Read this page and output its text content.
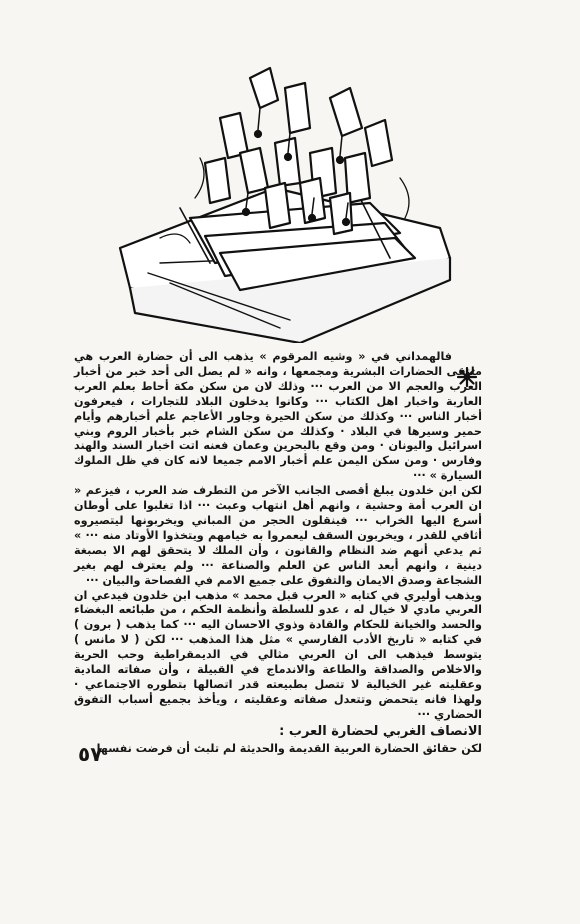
فالهمداني في « وشيه المرقوم » يذهب الى أن حضارة العرب هي ملتقى الحضارات البشرية ومجمعها ، وانه « لم يصل الى أحد خبر من أخبار العرب والعجم الا من العرب ··· وذلك لان من سكن مكة أحاط بعلم العرب العاربة واخبار اهل الكتاب ··· وكانوا يدخلون البلاد للتجارات ، فيعرفون أخبار الناس ··· وكذلك من سكن الحيرة وجاور الأعاجم علم أخبارهم وأيام حمير وسيرها في البلاد · وكذلك من سكن الشام خبر بأخبار الروم وبني اسرائيل واليونان · ومن وقع بالبحرين وعمان فعنه اتت اخبار السند والهند وفارس · ومن سكن اليمن علم أخبار الامم جميعا لانه كان في ظل الملوك السيارة » ···

لكن ابن خلدون يبلغ أقصى الجانب الآخر من التطرف ضد العرب ، فيزعم « ان العرب أمة وحشية ، وانهم أهل انتهاب وعبث ··· اذا تغلبوا على أوطان أسرع اليها الخراب ··· فينقلون الحجر من المباني ويخربونها ليتصيروه أثافي للقدر ، ويخربون السقف ليعمروا به خيامهم ويتخذوا الأوتاد منه ··· » ثم يدعي أنهم ضد النظام والقانون ، وأن الملك لا يتحقق لهم الا بصبغة دينية ، وانهم أبعد الناس عن العلم والصناعة ··· ولم يعترف لهم بغير الشجاعة وصدق الايمان والتفوق على جميع الامم في الفصاحة والبيان ···

ويذهب أوليري في كتابه « العرب قبل محمد » مذهب ابن خلدون فيدعي ان العربي مادي لا خيال له ، عدو للسلطة وأنظمة الحكم ، من طبائعه البغضاء والحسد والخيانة للحكام والقادة وذوي الاحسان اليه ··· كما يذهب ( برون ) في كتابه « تاريخ الأدب الفارسي » مثل هذا المذهب ··· لكن ( لا مانس ) يتوسط فيذهب الى ان العربي مثالي في الديمقراطية وحب الحرية والاخلاص والصداقة والطاعة والاندماج في القبيلة ، وأن صفاته المادية وعقليته غير الخيالية لا تتصل بطبيعته قدر اتصالها بتطوره الاجتماعي · ولهذا فانه يتحمض وتتعدل صفاته وعقليته ، ويأخذ بجميع أسباب التفوق الحضاري ···

الانصاف الغربي لحضارة العرب :

لكن حقائق الحضارة العربية القديمة والحديثة لم تلبث أن فرضت نفسها

٥٧
